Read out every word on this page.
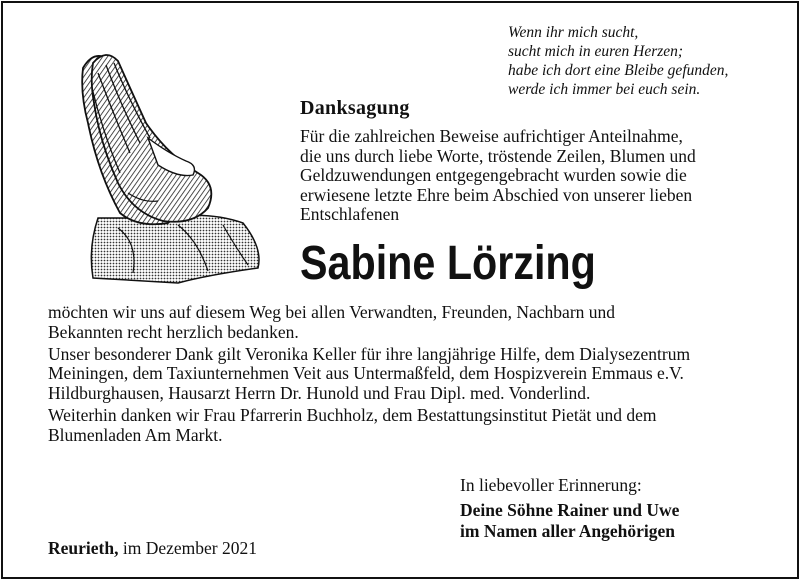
Wenn ihr mich sucht,
sucht mich in euren Herzen;
habe ich dort eine Bleibe gefunden,
werde ich immer bei euch sein.
Danksagung
Für die zahlreichen Beweise aufrichtiger Anteilnahme,
die uns durch liebe Worte, tröstende Zeilen, Blumen und
Geldzuwendungen entgegengebracht wurden sowie die
erwiesene letzte Ehre beim Abschied von unserer lieben
Entschlafenen
Sabine Lörzing
möchten wir uns auf diesem Weg bei allen Verwandten, Freunden, Nachbarn und
Bekannten recht herzlich bedanken.
Unser besonderer Dank gilt Veronika Keller für ihre langjährige Hilfe, dem Dialysezentrum
Meiningen, dem Taxiunternehmen Veit aus Untermaßfeld, dem Hospizverein Emmaus e.V.
Hildburghausen, Hausarzt Herrn Dr. Hunold und Frau Dipl. med. Vonderlind.
Weiterhin danken wir Frau Pfarrerin Buchholz, dem Bestattungsinstitut Pietät und dem
Blumenladen Am Markt.
In liebevoller Erinnerung:
Deine Söhne Rainer und Uwe
im Namen aller Angehörigen
Reurieth, im Dezember 2021
